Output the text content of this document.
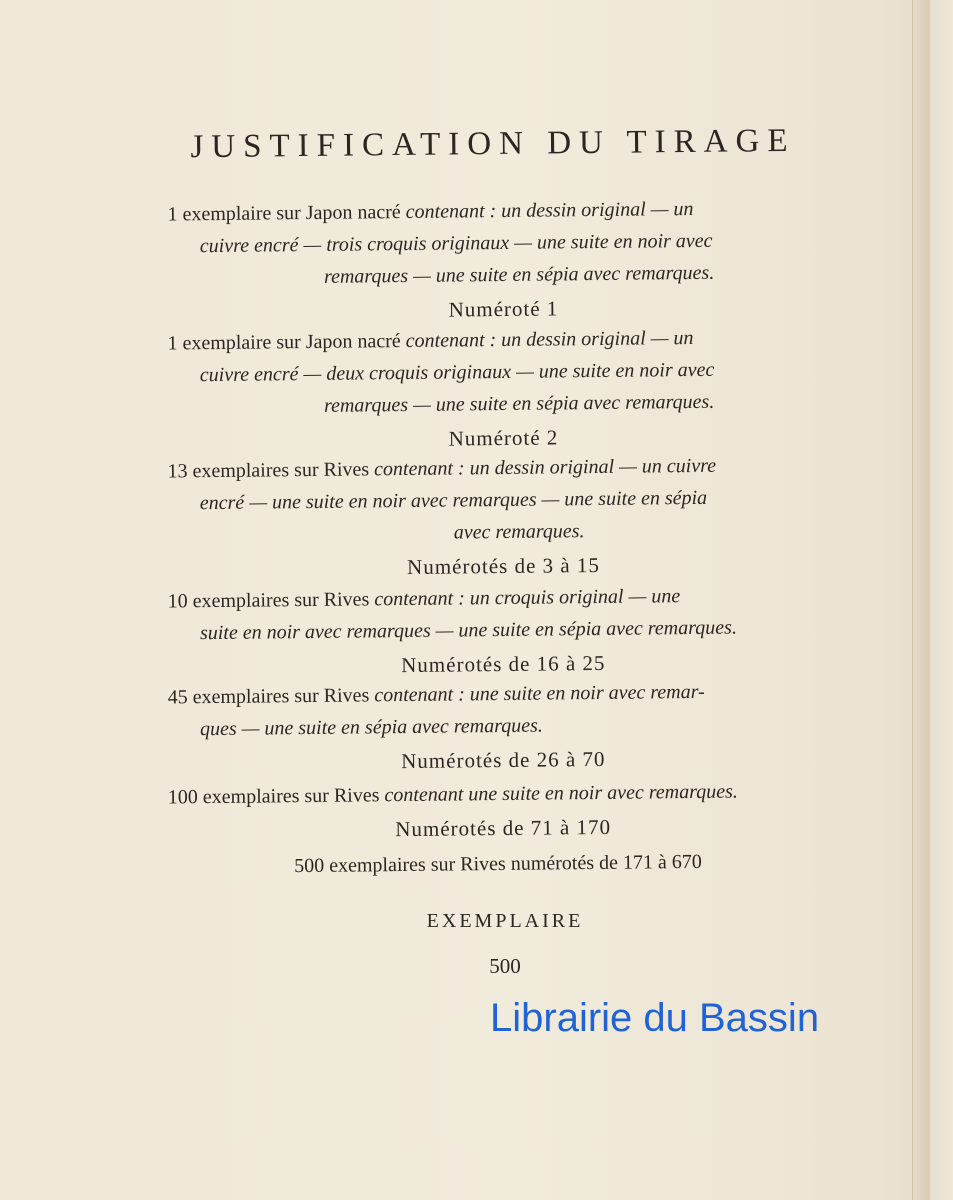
JUSTIFICATION DU TIRAGE
1 exemplaire sur Japon nacré contenant : un dessin original — un
cuivre encré — trois croquis originaux — une suite en noir avec
remarques — une suite en sépia avec remarques.
Numéroté 1
1 exemplaire sur Japon nacré contenant : un dessin original — un
cuivre encré — deux croquis originaux — une suite en noir avec
remarques — une suite en sépia avec remarques.
Numéroté 2
13 exemplaires sur Rives contenant : un dessin original — un cuivre
encré — une suite en noir avec remarques — une suite en sépia
avec remarques.
Numérotés de 3 à 15
10 exemplaires sur Rives contenant : un croquis original — une
suite en noir avec remarques — une suite en sépia avec remarques.
Numérotés de 16 à 25
45 exemplaires sur Rives contenant : une suite en noir avec remar-
ques — une suite en sépia avec remarques.
Numérotés de 26 à 70
100 exemplaires sur Rives contenant une suite en noir avec remarques.
Numérotés de 71 à 170
500 exemplaires sur Rives numérotés de 171 à 670
EXEMPLAIRE
500
Librairie du Bassin
